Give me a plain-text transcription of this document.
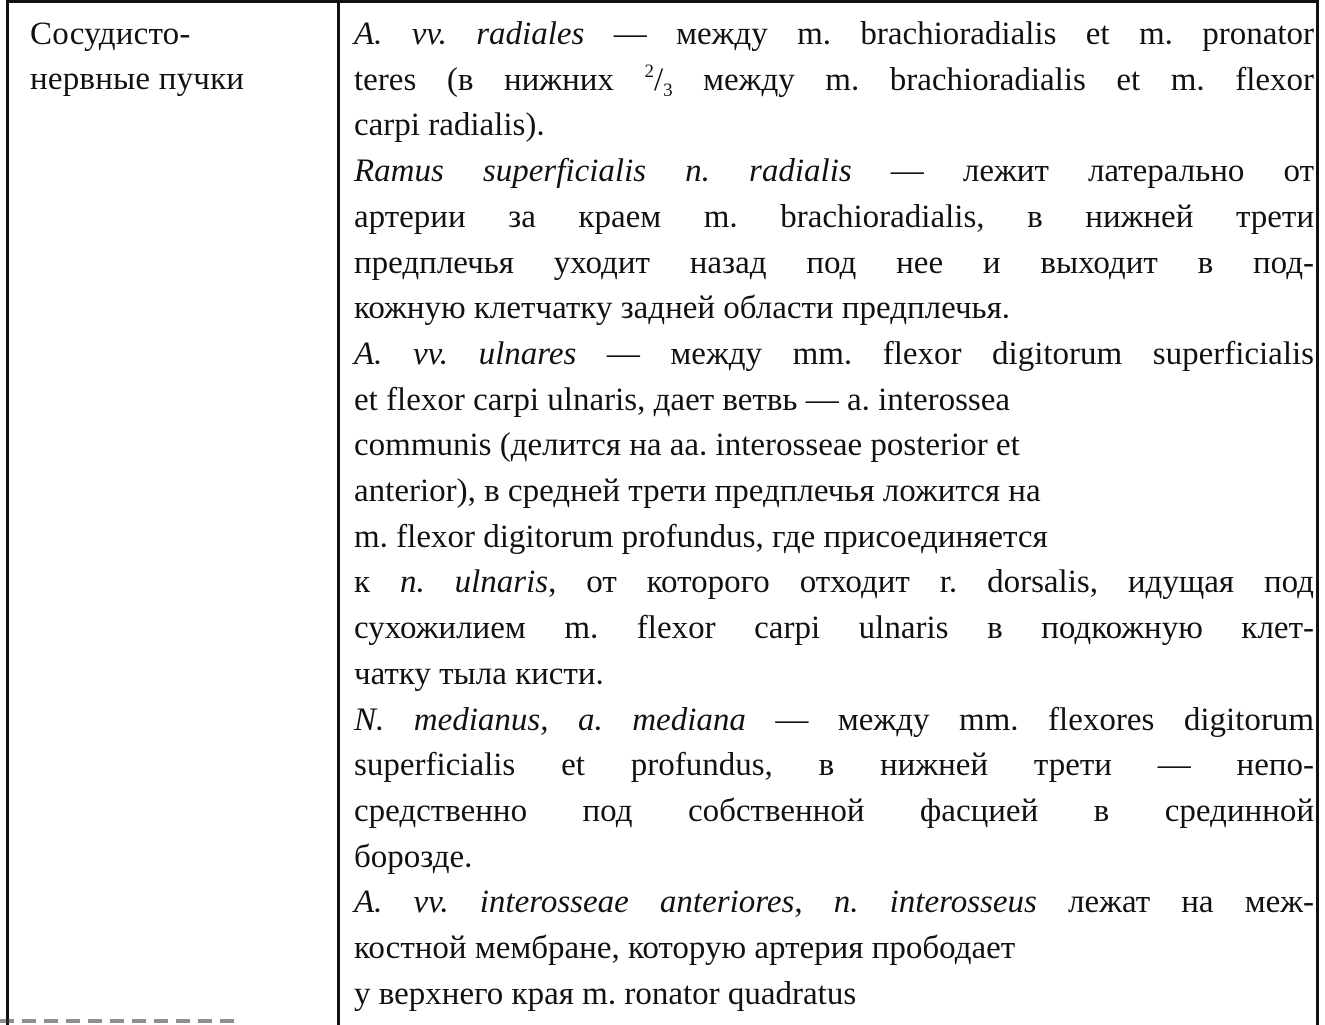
Сосудисто-
нервные пучки
A. vv. radiales — между m. brachioradialis et m. pronator
teres (в нижних $^2/_3$ между m. brachioradialis et m. flexor
carpi radialis).
Ramus superficialis n. radialis — лежит латерально от
артерии за краем m. brachioradialis, в нижней трети
предплечья уходит назад под нее и выходит в под-
кожную клетчатку задней области предплечья.
A. vv. ulnares — между mm. flexor digitorum superficialis
et flexor carpi ulnaris, дает ветвь — a. interossea
communis (делится на aa. interosseae posterior et
anterior), в средней трети предплечья ложится на
m. flexor digitorum profundus, где присоединяется
к n. ulnaris, от которого отходит r. dorsalis, идущая под
сухожилием m. flexor carpi ulnaris в подкожную клет-
чатку тыла кисти.
N. medianus, a. mediana — между mm. flexores digitorum
superficialis et profundus, в нижней трети — непо-
средственно под собственной фасцией в срединной
борозде.
A. vv. interosseae anteriores, n. interosseus лежат на меж-
костной мембране, которую артерия прободает
у верхнего края m. ronator quadratus
